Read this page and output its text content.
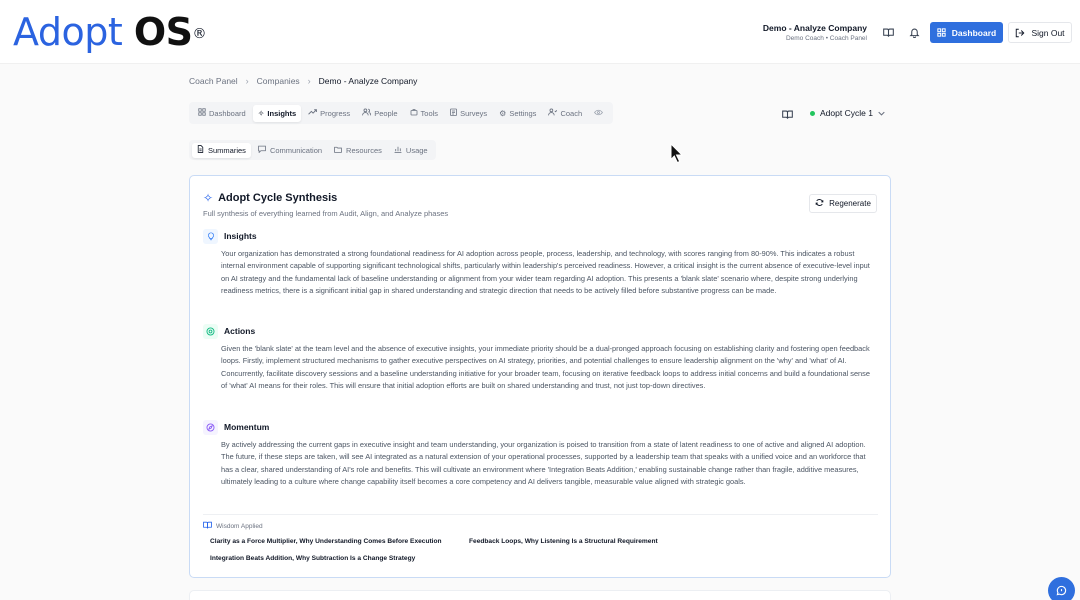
Adopt OS®	Demo - Analyze Company
Demo Coach • Coach Panel
Dashboard	Sign Out
Coach Panel › Companies › Demo - Analyze Company
Dashboard ✧ Insights	Progress	People	Tools	Surveys ⚙ Settings	Coach	Adopt Cycle 1
Summaries	Communication	Resources	Usage
✧ Adopt Cycle Synthesis
Full synthesis of everything learned from Audit, Align, and Analyze phases
Regenerate
Insights
Your organization has demonstrated a strong foundational readiness for AI adoption across people, process, leadership, and technology, with scores ranging from 80-90%. This indicates a robust internal environment capable of supporting significant technological shifts, particularly within leadership's perceived readiness. However, a critical insight is the current absence of executive-level input on AI strategy and the fundamental lack of baseline understanding or alignment from your wider team regarding AI adoption. This presents a 'blank slate' scenario where, despite strong underlying readiness metrics, there is a significant initial gap in shared understanding and strategic direction that needs to be actively filled before substantive progress can be made.
Actions
Given the 'blank slate' at the team level and the absence of executive insights, your immediate priority should be a dual-pronged approach focusing on establishing clarity and fostering open feedback loops. Firstly, implement structured mechanisms to gather executive perspectives on AI strategy, priorities, and potential challenges to ensure leadership alignment on the 'why' and 'what' of AI. Concurrently, facilitate discovery sessions and a baseline understanding initiative for your broader team, focusing on iterative feedback loops to address initial concerns and build a foundational sense of 'what' AI means for their roles. This will ensure that initial adoption efforts are built on shared understanding and trust, not just top-down directives.
Momentum
By actively addressing the current gaps in executive insight and team understanding, your organization is poised to transition from a state of latent readiness to one of active and aligned AI adoption. The future, if these steps are taken, will see AI integrated as a natural extension of your operational processes, supported by a leadership team that speaks with a unified voice and an workforce that has a clear, shared understanding of AI's role and benefits. This will cultivate an environment where 'Integration Beats Addition,' enabling sustainable change rather than fragile, additive measures, ultimately leading to a culture where change capability itself becomes a core competency and AI delivers tangible, measurable value aligned with strategic goals.
Wisdom Applied
Clarity as a Force Multiplier, Why Understanding Comes Before Execution	Feedback Loops, Why Listening Is a Structural Requirement
Integration Beats Addition, Why Subtraction Is a Change Strategy
